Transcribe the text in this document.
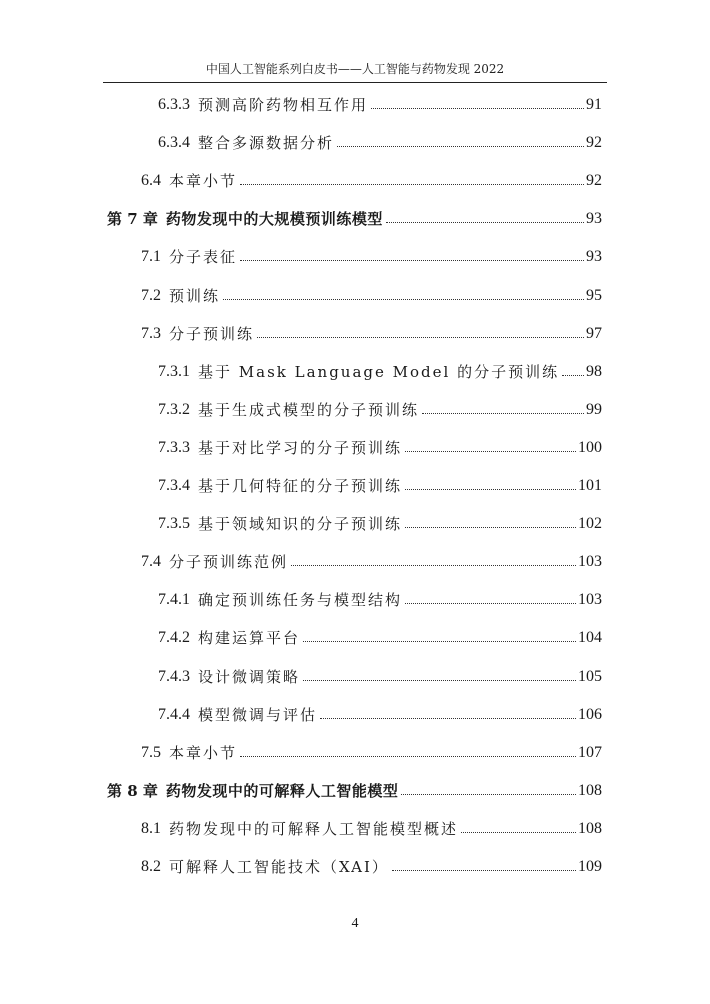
中国人工智能系列白皮书——人工智能与药物发现 2022
6.3.3 预测高阶药物相互作用	91
6.3.4 整合多源数据分析	92
6.4 本章小节	92
第 7 章 药物发现中的大规模预训练模型	93
7.1 分子表征	93
7.2 预训练	95
7.3 分子预训练	97
7.3.1 基于 Mask Language Model 的分子预训练 98
7.3.2 基于生成式模型的分子预训练	99
7.3.3 基于对比学习的分子预训练	100
7.3.4 基于几何特征的分子预训练	101
7.3.5 基于领域知识的分子预训练	102
7.4 分子预训练范例	103
7.4.1 确定预训练任务与模型结构	103
7.4.2 构建运算平台	104
7.4.3 设计微调策略	105
7.4.4 模型微调与评估	106
7.5 本章小节	107
第 8 章 药物发现中的可解释人工智能模型	108
8.1 药物发现中的可解释人工智能模型概述	108
8.2 可解释人工智能技术（XAI）	109
4
